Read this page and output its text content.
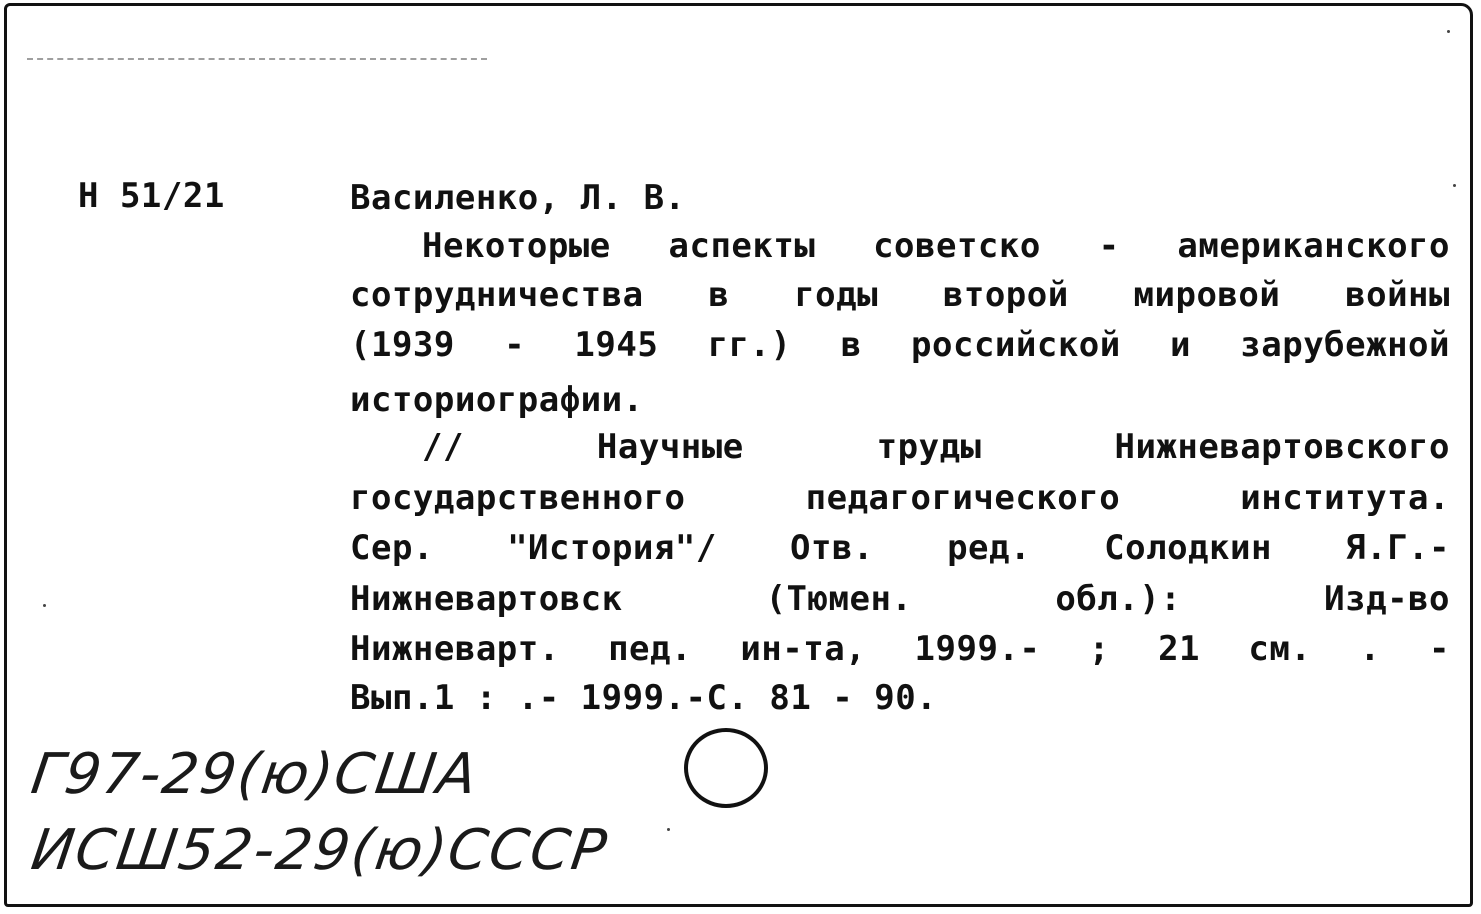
Н 51/21	Василенко, Л. В.
Некоторые аспекты советско - американского
сотрудничества в годы второй мировой войны
(1939 - 1945 гг.) в российской и зарубежной
историографии.
// Научные труды Нижневартовского
государственного педагогического института.
Сер. "История"/ Отв. ред. Солодкин Я.Г.-
Нижневартовск (Тюмен. обл.): Изд-во
Нижневарт. пед. ин-та, 1999.- ; 21 см. . -
Вып.1 : .- 1999.-С. 81 - 90.
Г97-29(ю)США
ИСШ52-29(ю)СССР
